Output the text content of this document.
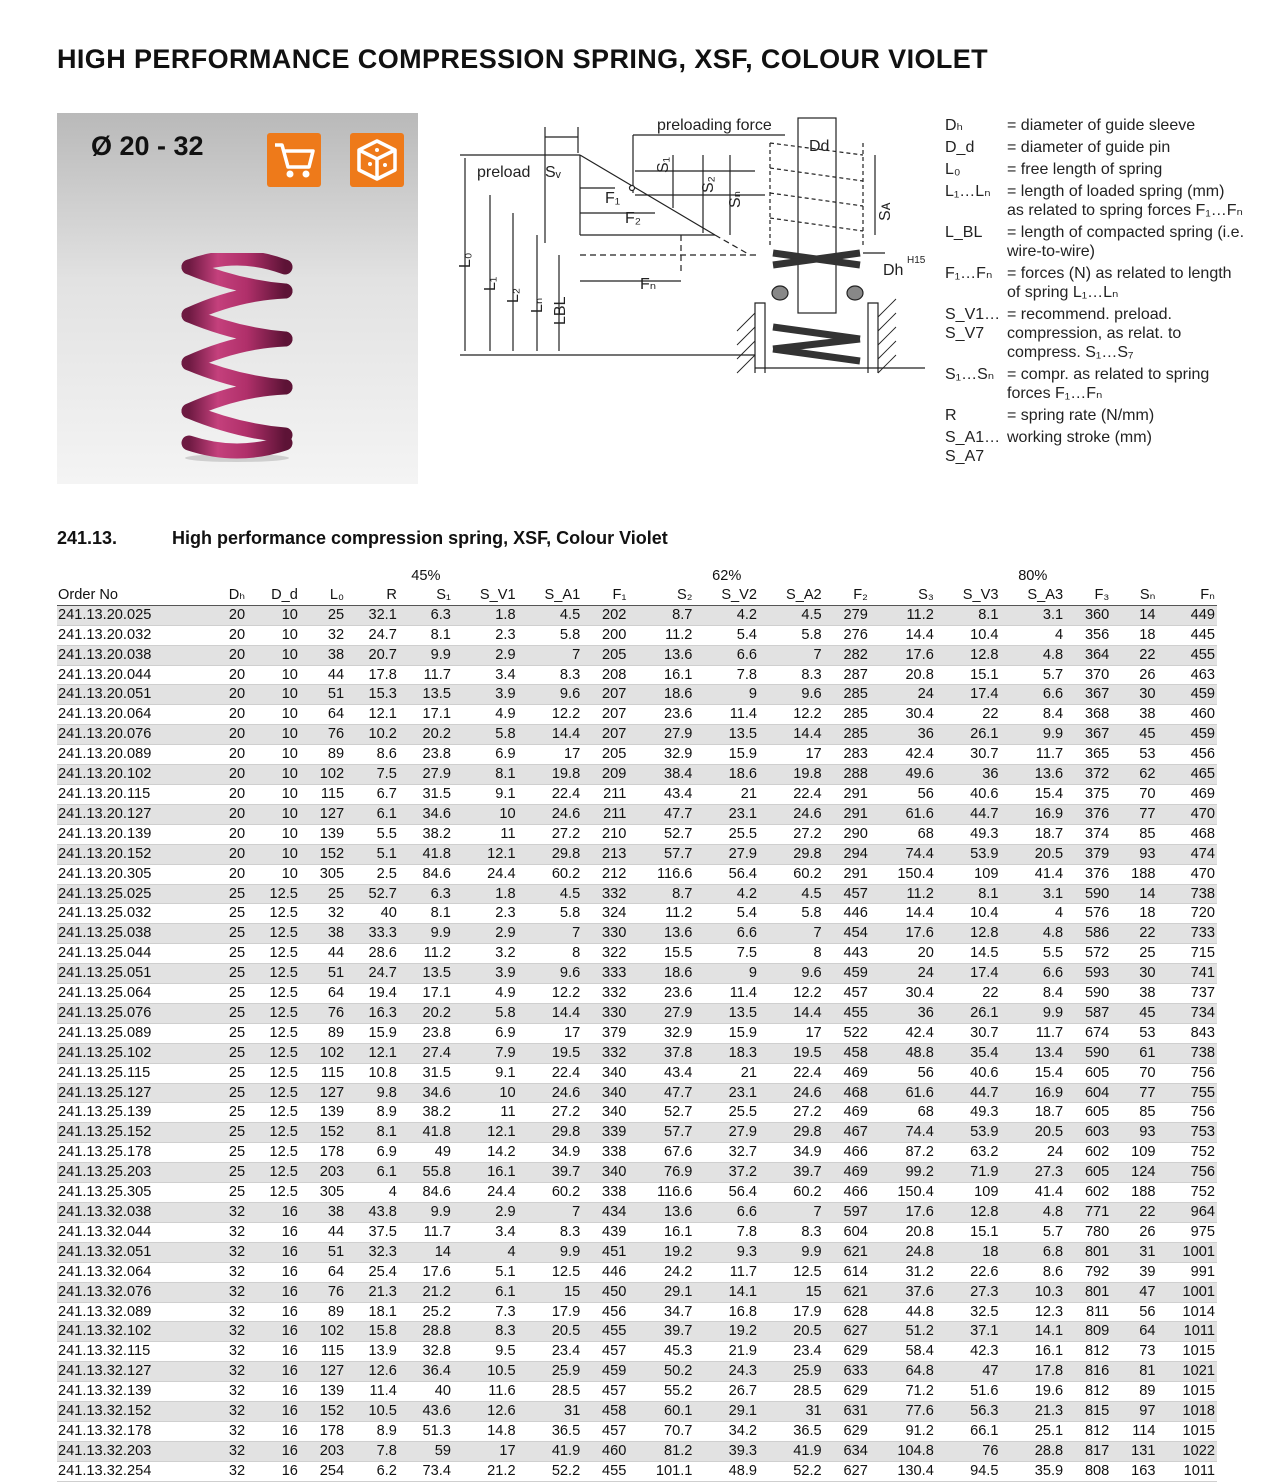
HIGH PERFORMANCE COMPRESSION SPRING, XSF, COLOUR VIOLET
Ø 20 - 32
preloading force
preload Sᵥ
F₁
F₂
Fₙ
S₁
S₂
Sₙ
Sᴀ
L₀
L₁
L₂
Lₙ LBL
Dd
Dh
H15
Dₕ	= diameter of guide sleeve
D_d	= diameter of guide pin
L₀	= free length of spring
L₁…Lₙ	= length of loaded spring (mm) as related to spring forces F₁…Fₙ
L_BL	= length of compacted spring (i.e. wire-to-wire)
F₁…Fₙ = forces (N) as related to length of spring L₁…Lₙ
S_V1…S_V7
= recommend. preload. compression, as relat. to compress. S₁…S₇
S₁…Sₙ = compr. as related to spring forces F₁…Fₙ
R	= spring rate (N/mm)
S_A1…S_A7
working stroke (mm)
241.13.	High performance compression spring, XSF, Colour Violet
					45%					62%					80%			
Order No	Dₕ	D_d	L₀	R	S₁	S_V1	S_A1	F₁	S₂	S_V2	S_A2	F₂	S₃	S_V3	S_A3	F₃	Sₙ	Fₙ
241.13.20.025	20	10	25	32.1	6.3	1.8	4.5	202	8.7	4.2	4.5	279	11.2	8.1	3.1	360	14	449
241.13.20.032	20	10	32	24.7	8.1	2.3	5.8	200	11.2	5.4	5.8	276	14.4	10.4	4	356	18	445
241.13.20.038	20	10	38	20.7	9.9	2.9	7	205	13.6	6.6	7	282	17.6	12.8	4.8	364	22	455
241.13.20.044	20	10	44	17.8	11.7	3.4	8.3	208	16.1	7.8	8.3	287	20.8	15.1	5.7	370	26	463
241.13.20.051	20	10	51	15.3	13.5	3.9	9.6	207	18.6	9	9.6	285	24	17.4	6.6	367	30	459
241.13.20.064	20	10	64	12.1	17.1	4.9	12.2	207	23.6	11.4	12.2	285	30.4	22	8.4	368	38	460
241.13.20.076	20	10	76	10.2	20.2	5.8	14.4	207	27.9	13.5	14.4	285	36	26.1	9.9	367	45	459
241.13.20.089	20	10	89	8.6	23.8	6.9	17	205	32.9	15.9	17	283	42.4	30.7	11.7	365	53	456
241.13.20.102	20	10	102	7.5	27.9	8.1	19.8	209	38.4	18.6	19.8	288	49.6	36	13.6	372	62	465
241.13.20.115	20	10	115	6.7	31.5	9.1	22.4	211	43.4	21	22.4	291	56	40.6	15.4	375	70	469
241.13.20.127	20	10	127	6.1	34.6	10	24.6	211	47.7	23.1	24.6	291	61.6	44.7	16.9	376	77	470
241.13.20.139	20	10	139	5.5	38.2	11	27.2	210	52.7	25.5	27.2	290	68	49.3	18.7	374	85	468
241.13.20.152	20	10	152	5.1	41.8	12.1	29.8	213	57.7	27.9	29.8	294	74.4	53.9	20.5	379	93	474
241.13.20.305	20	10	305	2.5	84.6	24.4	60.2	212	116.6	56.4	60.2	291	150.4	109	41.4	376	188	470
241.13.25.025	25	12.5	25	52.7	6.3	1.8	4.5	332	8.7	4.2	4.5	457	11.2	8.1	3.1	590	14	738
241.13.25.032	25	12.5	32	40	8.1	2.3	5.8	324	11.2	5.4	5.8	446	14.4	10.4	4	576	18	720
241.13.25.038	25	12.5	38	33.3	9.9	2.9	7	330	13.6	6.6	7	454	17.6	12.8	4.8	586	22	733
241.13.25.044	25	12.5	44	28.6	11.2	3.2	8	322	15.5	7.5	8	443	20	14.5	5.5	572	25	715
241.13.25.051	25	12.5	51	24.7	13.5	3.9	9.6	333	18.6	9	9.6	459	24	17.4	6.6	593	30	741
241.13.25.064	25	12.5	64	19.4	17.1	4.9	12.2	332	23.6	11.4	12.2	457	30.4	22	8.4	590	38	737
241.13.25.076	25	12.5	76	16.3	20.2	5.8	14.4	330	27.9	13.5	14.4	455	36	26.1	9.9	587	45	734
241.13.25.089	25	12.5	89	15.9	23.8	6.9	17	379	32.9	15.9	17	522	42.4	30.7	11.7	674	53	843
241.13.25.102	25	12.5	102	12.1	27.4	7.9	19.5	332	37.8	18.3	19.5	458	48.8	35.4	13.4	590	61	738
241.13.25.115	25	12.5	115	10.8	31.5	9.1	22.4	340	43.4	21	22.4	469	56	40.6	15.4	605	70	756
241.13.25.127	25	12.5	127	9.8	34.6	10	24.6	340	47.7	23.1	24.6	468	61.6	44.7	16.9	604	77	755
241.13.25.139	25	12.5	139	8.9	38.2	11	27.2	340	52.7	25.5	27.2	469	68	49.3	18.7	605	85	756
241.13.25.152	25	12.5	152	8.1	41.8	12.1	29.8	339	57.7	27.9	29.8	467	74.4	53.9	20.5	603	93	753
241.13.25.178	25	12.5	178	6.9	49	14.2	34.9	338	67.6	32.7	34.9	466	87.2	63.2	24	602	109	752
241.13.25.203	25	12.5	203	6.1	55.8	16.1	39.7	340	76.9	37.2	39.7	469	99.2	71.9	27.3	605	124	756
241.13.25.305	25	12.5	305	4	84.6	24.4	60.2	338	116.6	56.4	60.2	466	150.4	109	41.4	602	188	752
241.13.32.038	32	16	38	43.8	9.9	2.9	7	434	13.6	6.6	7	597	17.6	12.8	4.8	771	22	964
241.13.32.044	32	16	44	37.5	11.7	3.4	8.3	439	16.1	7.8	8.3	604	20.8	15.1	5.7	780	26	975
241.13.32.051	32	16	51	32.3	14	4	9.9	451	19.2	9.3	9.9	621	24.8	18	6.8	801	31	1001
241.13.32.064	32	16	64	25.4	17.6	5.1	12.5	446	24.2	11.7	12.5	614	31.2	22.6	8.6	792	39	991
241.13.32.076	32	16	76	21.3	21.2	6.1	15	450	29.1	14.1	15	621	37.6	27.3	10.3	801	47	1001
241.13.32.089	32	16	89	18.1	25.2	7.3	17.9	456	34.7	16.8	17.9	628	44.8	32.5	12.3	811	56	1014
241.13.32.102	32	16	102	15.8	28.8	8.3	20.5	455	39.7	19.2	20.5	627	51.2	37.1	14.1	809	64	1011
241.13.32.115	32	16	115	13.9	32.8	9.5	23.4	457	45.3	21.9	23.4	629	58.4	42.3	16.1	812	73	1015
241.13.32.127	32	16	127	12.6	36.4	10.5	25.9	459	50.2	24.3	25.9	633	64.8	47	17.8	816	81	1021
241.13.32.139	32	16	139	11.4	40	11.6	28.5	457	55.2	26.7	28.5	629	71.2	51.6	19.6	812	89	1015
241.13.32.152	32	16	152	10.5	43.6	12.6	31	458	60.1	29.1	31	631	77.6	56.3	21.3	815	97	1018
241.13.32.178	32	16	178	8.9	51.3	14.8	36.5	457	70.7	34.2	36.5	629	91.2	66.1	25.1	812	114	1015
241.13.32.203	32	16	203	7.8	59	17	41.9	460	81.2	39.3	41.9	634	104.8	76	28.8	817	131	1022
241.13.32.254	32	16	254	6.2	73.4	21.2	52.2	455	101.1	48.9	52.2	627	130.4	94.5	35.9	808	163	1011
